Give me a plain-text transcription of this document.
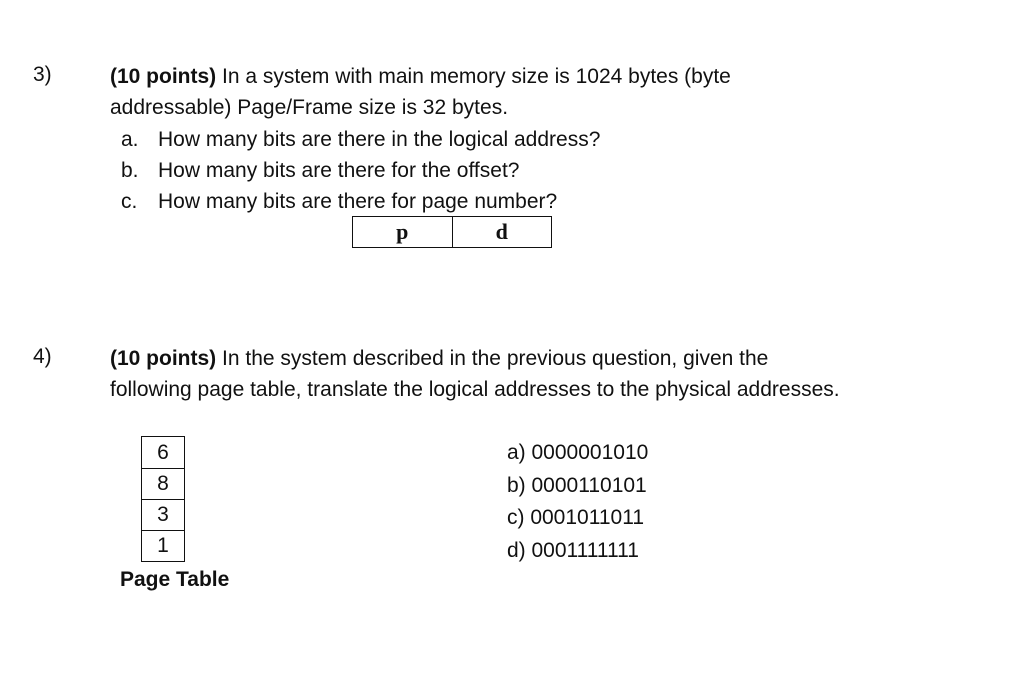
3)	(10 points) In a system with main memory size is 1024 bytes (byte
addressable) Page/Frame size is 32 bytes.
a. How many bits are there in the logical address?
b. How many bits are there for the offset?
c. How many bits are there for page number?
p	d
4)	(10 points) In the system described in the previous question, given the
following page table, translate the logical addresses to the physical addresses.
6
8
3
1
Page Table
a) 0000001010
b) 0000110101
c) 0001011011
d) 0001111111
